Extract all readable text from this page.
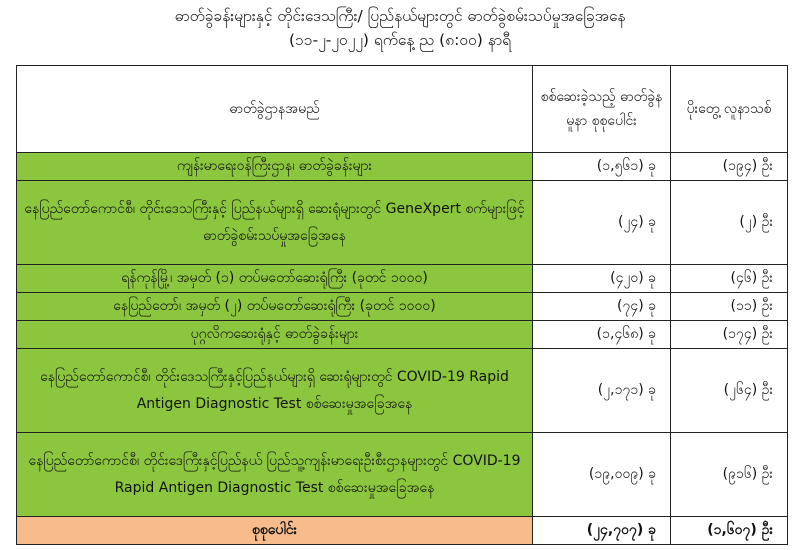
ဓာတ်ခွဲခန်းများနှင့် တိုင်းဒေသကြီး/ ပြည်နယ်များတွင် ဓာတ်ခွဲစမ်းသပ်မှုအခြေအနေ
(၁၁-၂-၂၀၂၂) ရက်နေ့ ည (၈:၀၀) နာရီ
ဓာတ်ခွဲဌာနအမည်	စစ်ဆေးခဲ့သည့် ဓာတ်ခွဲနမူနာ စုစုပေါင်း	ပိုးတွေ့ လူနာသစ်
ကျန်းမာရေးဝန်ကြီးဌာန၊ ဓာတ်ခွဲခန်းများ	(၁,၅၆၁) ခု	(၁၉၄) ဦး
နေပြည်တော်ကောင်စီ၊ တိုင်းဒေသကြီးနှင့် ပြည်နယ်များရှိ ဆေးရုံများတွင် GeneXpert စက်များဖြင့် ဓာတ်ခွဲစမ်းသပ်မှုအခြေအနေ	(၂၄) ခု	(၂) ဦး
ရန်ကုန်မြို့၊ အမှတ် (၁) တပ်မတော်ဆေးရုံကြီး (ခုတင် ၁၀၀၀)	(၄၂၀) ခု	(၄၆) ဦး
နေပြည်တော်၊ အမှတ် (၂) တပ်မတော်ဆေးရုံကြီး (ခုတင် ၁၀၀၀)	(၇၄) ခု	(၁၁) ဦး
ပုဂ္ဂလိကဆေးရုံနှင့် ဓာတ်ခွဲခန်းများ	(၁,၄၆၈) ခု	(၁၇၄) ဦး
နေပြည်တော်ကောင်စီ၊ တိုင်းဒေသကြီးနှင့်ပြည်နယ်များရှိ ဆေးရုံများတွင် COVID-19 Rapid Antigen Diagnostic Test စစ်ဆေးမှုအခြေအနေ	(၂,၁၇၁) ခု	(၂၆၄) ဦး
နေပြည်တော်ကောင်စီ၊ တိုင်းဒေကြီးနှင့်ပြည်နယ် ပြည်သူ့ကျန်းမာရေးဦးစီးဌာနများတွင် COVID-19 Rapid Antigen Diagnostic Test စစ်ဆေးမှုအခြေအနေ	(၁၉,၀၀၉) ခု	(၉၁၆) ဦး
စုစုပေါင်း	(၂၄,၇၀၇) ခု	(၁,၆၀၇) ဦး
